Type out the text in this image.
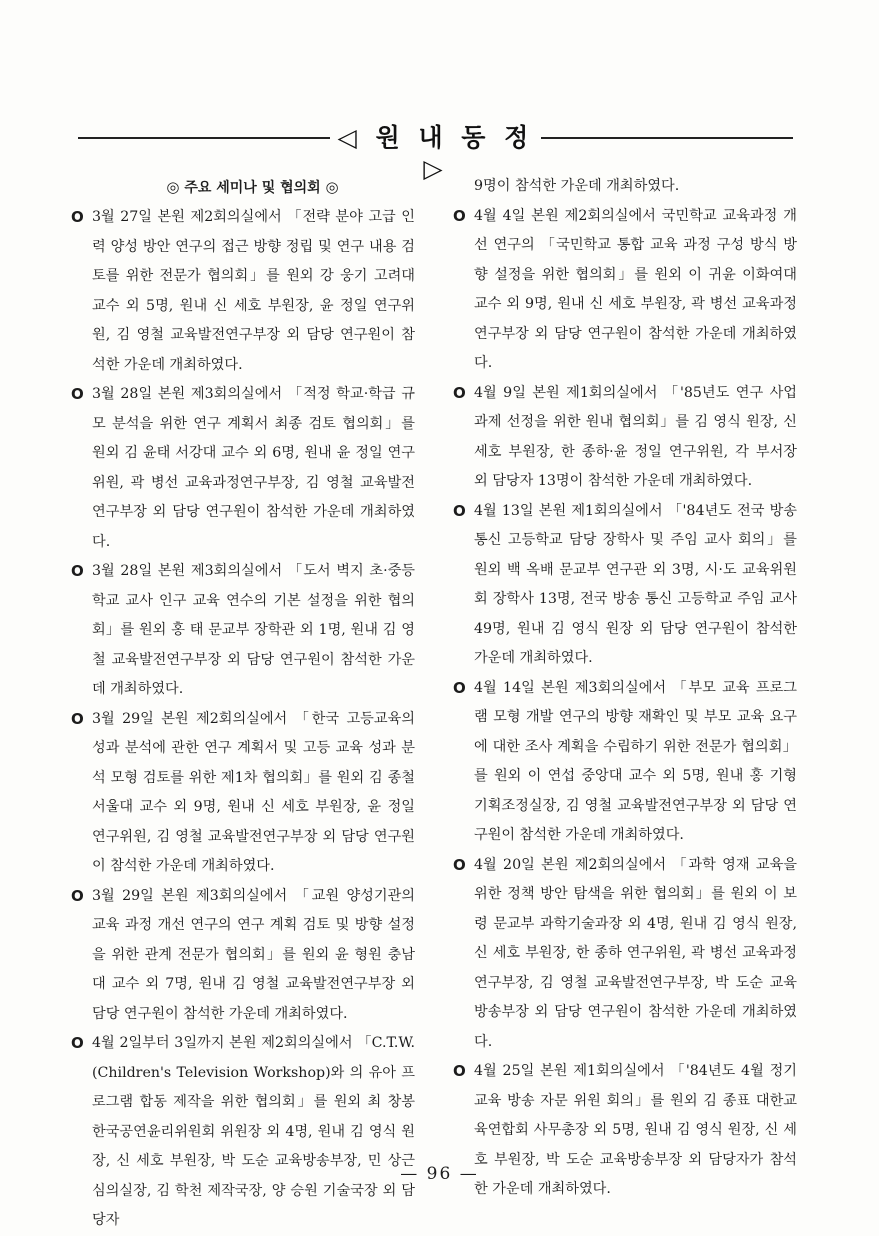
◁ 원 내 동 정 ▷
◎ 주요 세미나 및 협의회 ◎
O 3월 27일 본원 제2회의실에서 「전략 분야 고급 인력 양성 방안 연구의 접근 방향 정립 및 연구 내용 검토를 위한 전문가 협의회」를 원외 강 웅기 고려대 교수 외 5명, 원내 신 세호 부원장, 윤 정일 연구위원, 김 영철 교육발전연구부장 외 담당 연구원이 참석한 가운데 개최하였다.
O 3월 28일 본원 제3회의실에서 「적정 학교·학급 규모 분석을 위한 연구 계획서 최종 검토 협의회」를 원외 김 윤태 서강대 교수 외 6명, 원내 윤 정일 연구위원, 곽 병선 교육과정연구부장, 김 영철 교육발전연구부장 외 담당 연구원이 참석한 가운데 개최하였다.
O 3월 28일 본원 제3회의실에서 「도서 벽지 초·중등 학교 교사 인구 교육 연수의 기본 설정을 위한 협의회」를 원외 홍 태 문교부 장학관 외 1명, 원내 김 영철 교육발전연구부장 외 담당 연구원이 참석한 가운데 개최하였다.
O 3월 29일 본원 제2회의실에서 「한국 고등교육의 성과 분석에 관한 연구 계획서 및 고등 교육 성과 분석 모형 검토를 위한 제1차 협의회」를 원외 김 종철 서울대 교수 외 9명, 원내 신 세호 부원장, 윤 정일 연구위원, 김 영철 교육발전연구부장 외 담당 연구원이 참석한 가운데 개최하였다.
O 3월 29일 본원 제3회의실에서 「교원 양성기관의 교육 과정 개선 연구의 연구 계획 검토 및 방향 설정을 위한 관계 전문가 협의회」를 원외 윤 형원 충남대 교수 외 7명, 원내 김 영철 교육발전연구부장 외 담당 연구원이 참석한 가운데 개최하였다.
O 4월 2일부터 3일까지 본원 제2회의실에서 「C.T.W. (Children's Television Workshop)와 의 유아 프로그램 합동 제작을 위한 협의회」를 원외 최 창봉 한국공연윤리위원회 위원장 외 4명, 원내 김 영식 원장, 신 세호 부원장, 박 도순 교육방송부장, 민 상근 심의실장, 김 학천 제작국장, 양 승원 기술국장 외 담당자
9명이 참석한 가운데 개최하였다.
O 4월 4일 본원 제2회의실에서 국민학교 교육과정 개선 연구의 「국민학교 통합 교육 과정 구성 방식 방향 설정을 위한 협의회」를 원외 이 귀윤 이화여대 교수 외 9명, 원내 신 세호 부원장, 곽 병선 교육과정연구부장 외 담당 연구원이 참석한 가운데 개최하였다.
O 4월 9일 본원 제1회의실에서 「'85년도 연구 사업 과제 선정을 위한 원내 협의회」를 김 영식 원장, 신 세호 부원장, 한 종하·윤 정일 연구위원, 각 부서장 외 담당자 13명이 참석한 가운데 개최하였다.
O 4월 13일 본원 제1회의실에서 「'84년도 전국 방송 통신 고등학교 담당 장학사 및 주임 교사 회의」를 원외 백 옥배 문교부 연구관 외 3명, 시·도 교육위원회 장학사 13명, 전국 방송 통신 고등학교 주임 교사 49명, 원내 김 영식 원장 외 담당 연구원이 참석한 가운데 개최하였다.
O 4월 14일 본원 제3회의실에서 「부모 교육 프로그램 모형 개발 연구의 방향 재확인 및 부모 교육 요구에 대한 조사 계획을 수립하기 위한 전문가 협의회」를 원외 이 연섭 중앙대 교수 외 5명, 원내 홍 기형 기획조정실장, 김 영철 교육발전연구부장 외 담당 연구원이 참석한 가운데 개최하였다.
O 4월 20일 본원 제2회의실에서 「과학 영재 교육을 위한 정책 방안 탐색을 위한 협의회」를 원외 이 보령 문교부 과학기술과장 외 4명, 원내 김 영식 원장, 신 세호 부원장, 한 종하 연구위원, 곽 병선 교육과정연구부장, 김 영철 교육발전연구부장, 박 도순 교육방송부장 외 담당 연구원이 참석한 가운데 개최하였다.
O 4월 25일 본원 제1회의실에서 「'84년도 4월 정기 교육 방송 자문 위원 회의」를 원외 김 종표 대한교육연합회 사무총장 외 5명, 원내 김 영식 원장, 신 세호 부원장, 박 도순 교육방송부장 외 담당자가 참석한 가운데 개최하였다.
— 96 —
